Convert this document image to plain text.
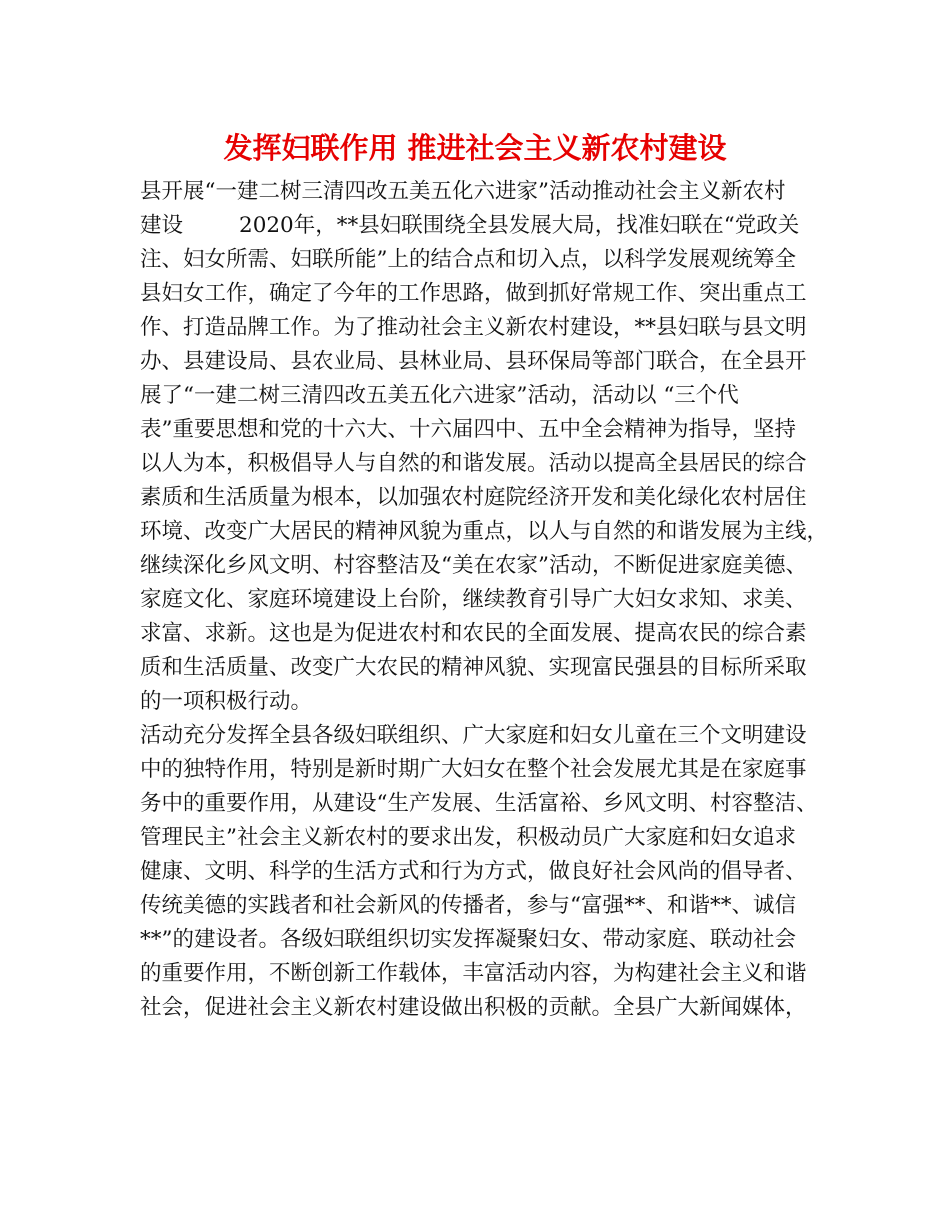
发挥妇联作用 推进社会主义新农村建设
县开展“一建二树三清四改五美五化六进家”活动推动社会主义新农村
建设	2020年，**县妇联围绕全县发展大局，找准妇联在“党政关
注、妇女所需、妇联所能”上的结合点和切入点，以科学发展观统筹全
县妇女工作，确定了今年的工作思路，做到抓好常规工作、突出重点工
作、打造品牌工作。为了推动社会主义新农村建设，**县妇联与县文明
办、县建设局、县农业局、县林业局、县环保局等部门联合，在全县开
展了“一建二树三清四改五美五化六进家”活动，活动以 “三个代
表”重要思想和党的十六大、十六届四中、五中全会精神为指导，坚持
以人为本，积极倡导人与自然的和谐发展。活动以提高全县居民的综合
素质和生活质量为根本，以加强农村庭院经济开发和美化绿化农村居住
环境、改变广大居民的精神风貌为重点，以人与自然的和谐发展为主线，
继续深化乡风文明、村容整洁及“美在农家”活动，不断促进家庭美德、
家庭文化、家庭环境建设上台阶，继续教育引导广大妇女求知、求美、
求富、求新。这也是为促进农村和农民的全面发展、提高农民的综合素
质和生活质量、改变广大农民的精神风貌、实现富民强县的目标所采取
的一项积极行动。
活动充分发挥全县各级妇联组织、广大家庭和妇女儿童在三个文明建设
中的独特作用，特别是新时期广大妇女在整个社会发展尤其是在家庭事
务中的重要作用，从建设“生产发展、生活富裕、乡风文明、村容整洁、
管理民主”社会主义新农村的要求出发，积极动员广大家庭和妇女追求
健康、文明、科学的生活方式和行为方式，做良好社会风尚的倡导者、
传统美德的实践者和社会新风的传播者，参与“富强**、和谐**、诚信
**”的建设者。各级妇联组织切实发挥凝聚妇女、带动家庭、联动社会
的重要作用，不断创新工作载体，丰富活动内容，为构建社会主义和谐
社会，促进社会主义新农村建设做出积极的贡献。全县广大新闻媒体，
